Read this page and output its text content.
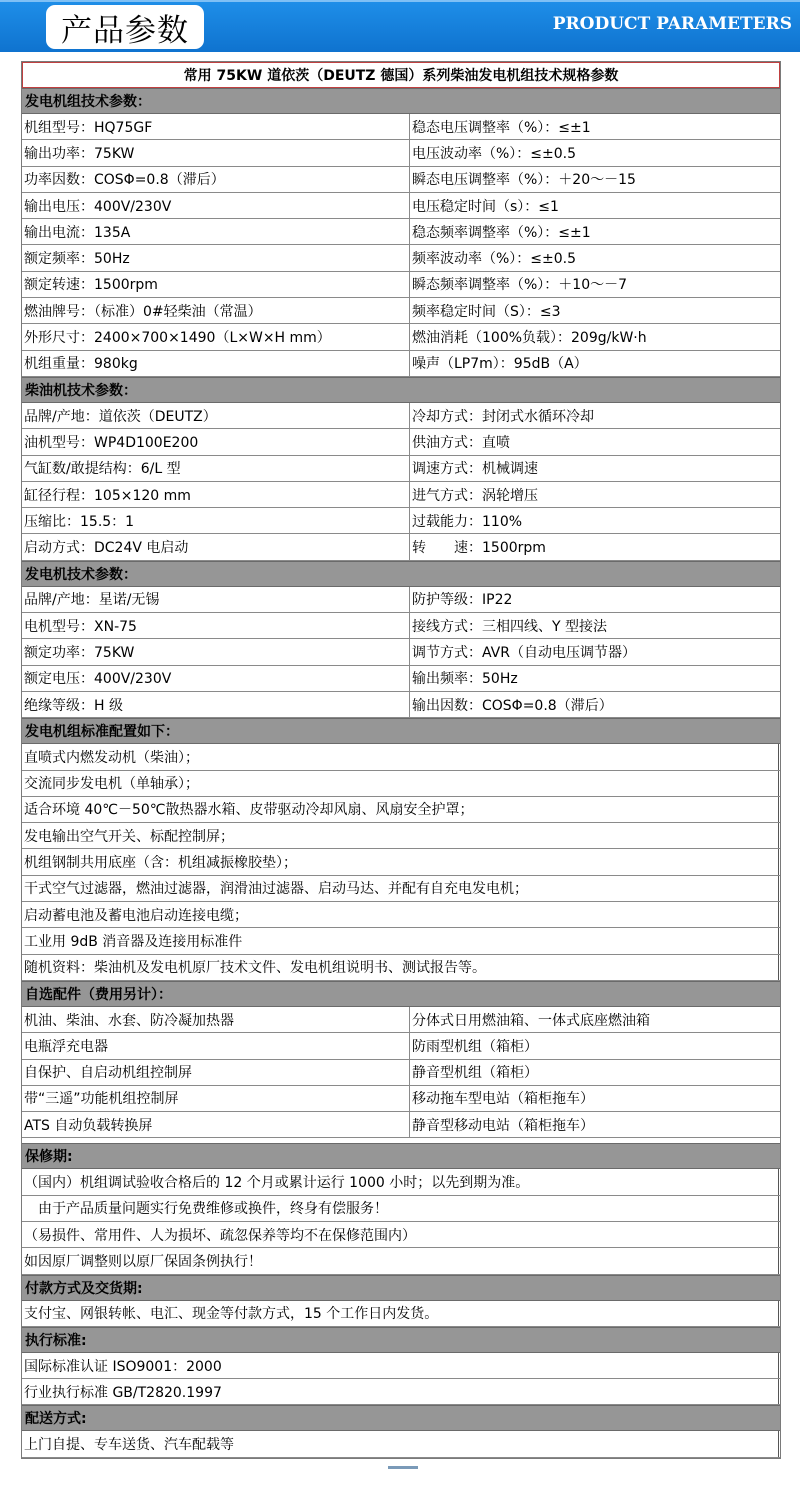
产品参数	PRODUCT PARAMETERS
常用 75KW 道依茨（DEUTZ 德国）系列柴油发电机组技术规格参数
发电机组技术参数：
机组型号：HQ75GF	稳态电压调整率（%）：≤±1
输出功率：75KW	电压波动率（%）：≤±0.5
功率因数：COSΦ=0.8（滞后）	瞬态电压调整率（%）：＋20～－15
输出电压：400V/230V	电压稳定时间（s）：≤1
输出电流：135A	稳态频率调整率（%）：≤±1
额定频率：50Hz	频率波动率（%）：≤±0.5
额定转速：1500rpm	瞬态频率调整率（%）：＋10～－7
燃油牌号：（标准）0#轻柴油（常温）	频率稳定时间（S）：≤3
外形尺寸：2400×700×1490（L×W×H mm）	燃油消耗（100%负载）：209g/kW·h
机组重量：980kg	噪声（LP7m）：95dB（A）
柴油机技术参数：
品牌/产地：道依茨（DEUTZ）	冷却方式：封闭式水循环冷却
油机型号：WP4D100E200	供油方式：直喷
气缸数/敢提结构：6/L 型	调速方式：机械调速
缸径行程：105×120 mm	进气方式：涡轮增压
压缩比：15.5：1	过载能力：110%
启动方式：DC24V 电启动	转　　速：1500rpm
发电机技术参数：
品牌/产地：星诺/无锡	防护等级：IP22
电机型号：XN-75	接线方式：三相四线、Y 型接法
额定功率：75KW	调节方式：AVR（自动电压调节器）
额定电压：400V/230V	输出频率：50Hz
绝缘等级：H 级	输出因数：COSΦ=0.8（滞后）
发电机组标准配置如下：
直喷式内燃发动机（柴油）；
交流同步发电机（单轴承）；
适合环境 40℃－50℃散热器水箱、皮带驱动冷却风扇、风扇安全护罩；
发电输出空气开关、标配控制屏；
机组钢制共用底座（含：机组减振橡胶垫）；
干式空气过滤器，燃油过滤器，润滑油过滤器、启动马达、并配有自充电发电机；
启动蓄电池及蓄电池启动连接电缆；
工业用 9dB 消音器及连接用标准件
随机资料：柴油机及发电机原厂技术文件、发电机组说明书、测试报告等。
自选配件（费用另计）：
机油、柴油、水套、防冷凝加热器	分体式日用燃油箱、一体式底座燃油箱
电瓶浮充电器	防雨型机组（箱柜）
自保护、自启动机组控制屏	静音型机组（箱柜）
带“三遥”功能机组控制屏	移动拖车型电站（箱柜拖车）
ATS 自动负载转换屏	静音型移动电站（箱柜拖车）
保修期:
（国内）机组调试验收合格后的 12 个月或累计运行 1000 小时；以先到期为准。
　由于产品质量问题实行免费维修或换件，终身有偿服务！
（易损件、常用件、人为损坏、疏忽保养等均不在保修范围内）
如因原厂调整则以原厂保固条例执行！
付款方式及交货期:
支付宝、网银转帐、电汇、现金等付款方式，15 个工作日内发货。
执行标准:
国际标准认证 ISO9001：2000
行业执行标准 GB/T2820.1997
配送方式:
上门自提、专车送货、汽车配载等
